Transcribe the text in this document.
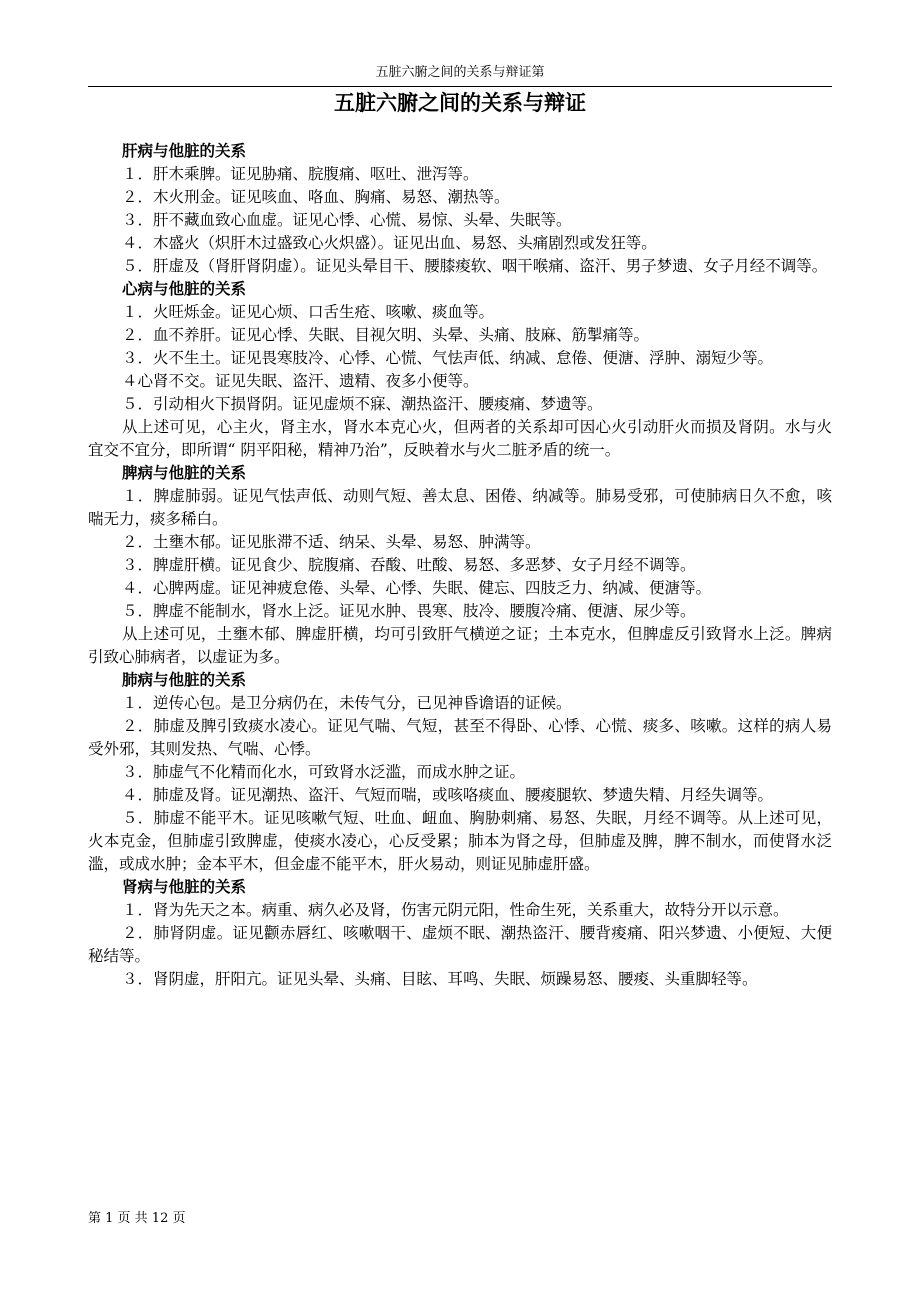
五脏六腑之间的关系与辩证第
五脏六腑之间的关系与辩证
肝病与他脏的关系
１．肝木乘脾。证见胁痛、脘腹痛、呕吐、泄泻等。
２．木火刑金。证见咳血、咯血、胸痛、易怒、潮热等。
３．肝不藏血致心血虚。证见心悸、心慌、易惊、头晕、失眠等。
４．木盛火（炽肝木过盛致心火炽盛）。证见出血、易怒、头痛剧烈或发狂等。
５．肝虚及（肾肝肾阴虚）。证见头晕目干、腰膝痠软、咽干喉痛、盗汗、男子梦遗、女子月经不调等。
心病与他脏的关系
１．火旺烁金。证见心烦、口舌生疮、咳嗽、痰血等。
２．血不养肝。证见心悸、失眠、目视欠明、头晕、头痛、肢麻、筋掣痛等。
３．火不生土。证见畏寒肢冷、心悸、心慌、气怯声低、纳减、怠倦、便溏、浮肿、溺短少等。
４心肾不交。证见失眠、盗汗、遗精、夜多小便等。
５．引动相火下损肾阴。证见虚烦不寐、潮热盗汗、腰痠痛、梦遗等。
从上述可见，心主火，肾主水，肾水本克心火，但两者的关系却可因心火引动肝火而损及肾阴。水与火宜交不宜分，即所谓“ 阴平阳秘，精神乃治”，反映着水与火二脏矛盾的统一。
脾病与他脏的关系
１．脾虚肺弱。证见气怯声低、动则气短、善太息、困倦、纳减等。肺易受邪，可使肺病日久不愈，咳喘无力，痰多稀白。
２．土壅木郁。证见胀滞不适、纳呆、头晕、易怒、肿满等。
３．脾虚肝横。证见食少、脘腹痛、吞酸、吐酸、易怒、多恶梦、女子月经不调等。
４．心脾两虚。证见神疲怠倦、头晕、心悸、失眠、健忘、四肢乏力、纳减、便溏等。
５．脾虚不能制水，肾水上泛。证见水肿、畏寒、肢冷、腰腹冷痛、便溏、尿少等。
从上述可见，土壅木郁、脾虚肝横，均可引致肝气横逆之证；土本克水，但脾虚反引致肾水上泛。脾病引致心肺病者，以虚证为多。
肺病与他脏的关系
１．逆传心包。是卫分病仍在，未传气分，已见神昏谵语的证候。
２．肺虚及脾引致痰水凌心。证见气喘、气短，甚至不得卧、心悸、心慌、痰多、咳嗽。这样的病人易受外邪，其则发热、气喘、心悸。
３．肺虚气不化精而化水，可致肾水泛滥，而成水肿之证。
４．肺虚及肾。证见潮热、盗汗、气短而喘，或咳咯痰血、腰痠腿软、梦遗失精、月经失调等。
５．肺虚不能平木。证见咳嗽气短、吐血、衄血、胸胁刺痛、易怒、失眠，月经不调等。从上述可见，火本克金，但肺虚引致脾虚，使痰水凌心，心反受累；肺本为肾之母，但肺虚及脾，脾不制水，而使肾水泛滥，或成水肿；金本平木，但金虚不能平木，肝火易动，则证见肺虚肝盛。
肾病与他脏的关系
１．肾为先天之本。病重、病久必及肾，伤害元阴元阳，性命生死，关系重大，故特分开以示意。
２．肺肾阴虚。证见颧赤唇红、咳嗽咽干、虚烦不眠、潮热盗汗、腰背痠痛、阳兴梦遗、小便短、大便秘结等。
３．肾阴虚，肝阳亢。证见头晕、头痛、目眩、耳鸣、失眠、烦躁易怒、腰痠、头重脚轻等。
第 1 页 共 12 页
